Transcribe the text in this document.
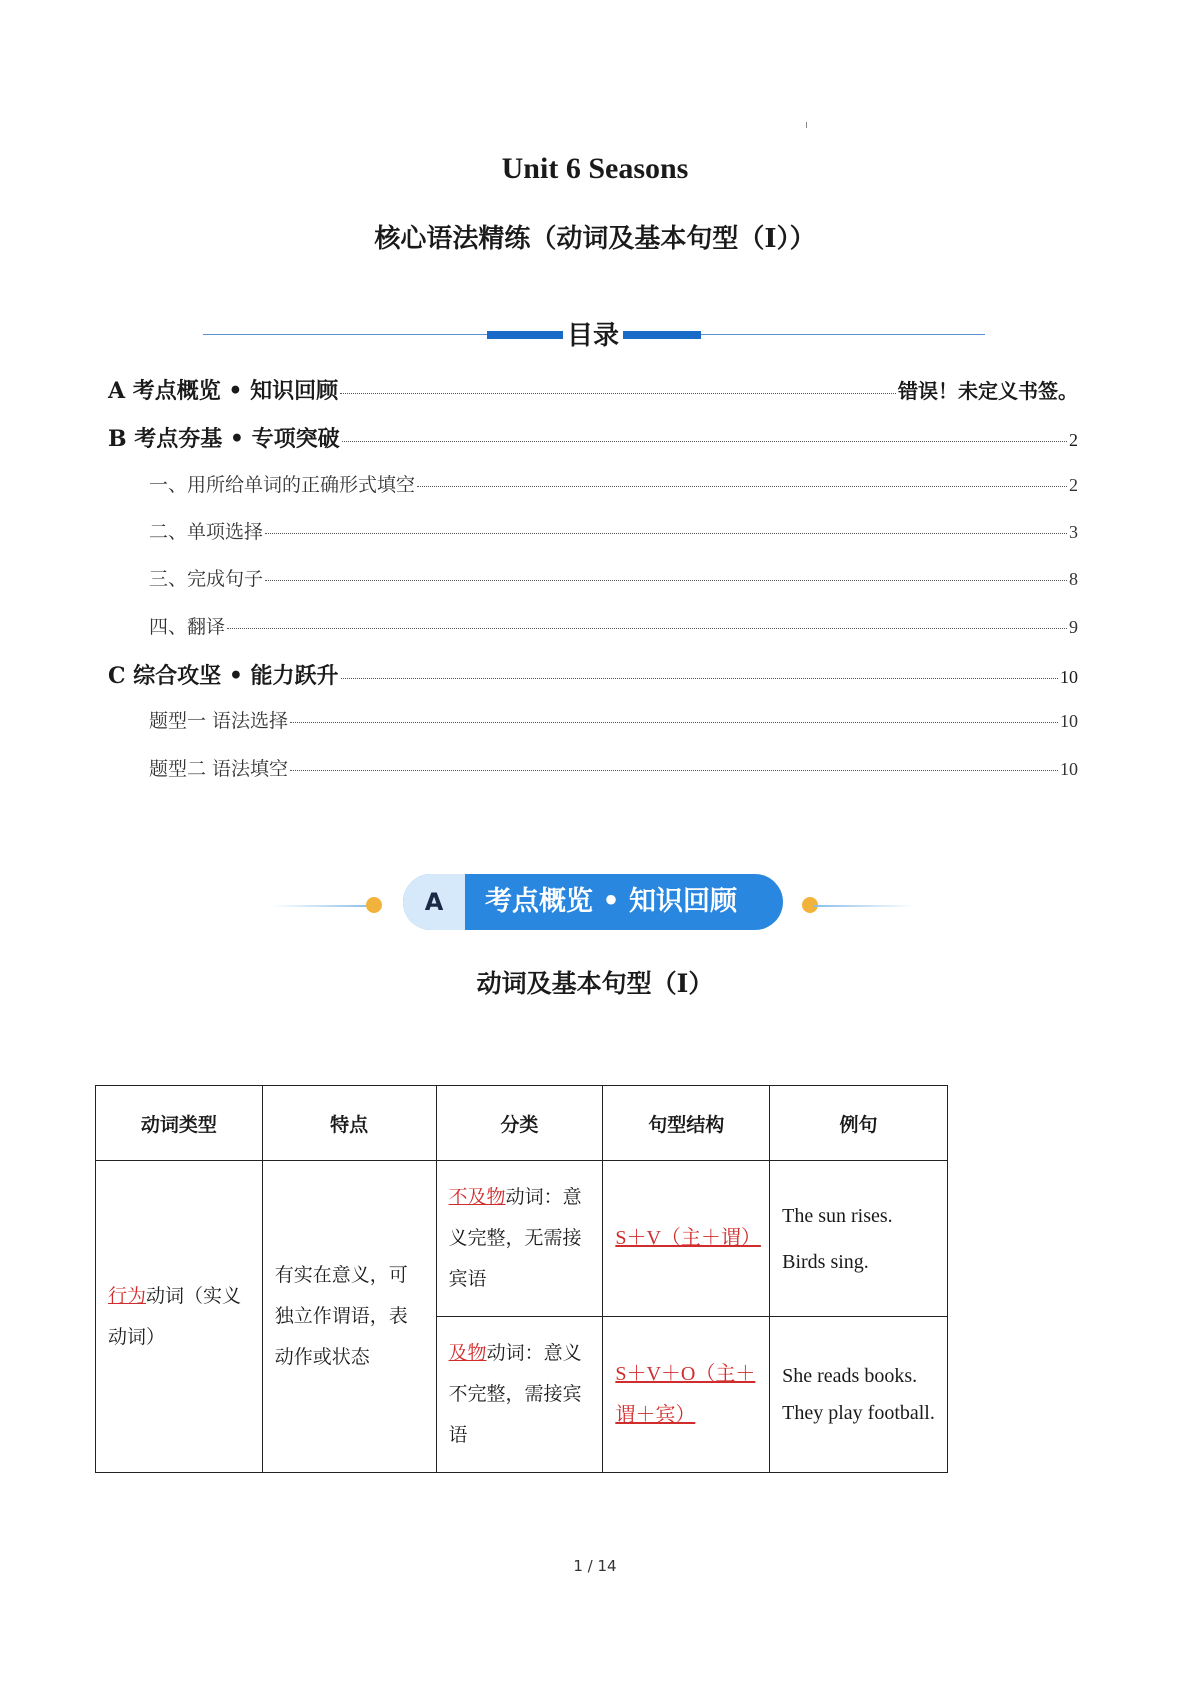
Unit 6 Seasons
核心语法精练（动词及基本句型（I））
目录
A 考点概览 • 知识回顾	错误！未定义书签。
B 考点夯基 • 专项突破	2
一、用所给单词的正确形式填空	2
二、单项选择	3
三、完成句子	8
四、翻译	9
C 综合攻坚 • 能力跃升	10
题型一 语法选择	10
题型二 语法填空	10
A	考点概览 • 知识回顾
动词及基本句型（I）
动词类型	特点	分类	句型结构	例句

行为动词（实义动词）	有实在意义，可独立作谓语，表动作或状态	不及物动词：意义完整，无需接宾语	S＋V（主＋谓）	The sun rises.
Birds sing.

		及物动词：意义不完整，需接宾语	S＋V＋O（主＋谓＋宾）	She reads books.
They play football.
1 / 14
